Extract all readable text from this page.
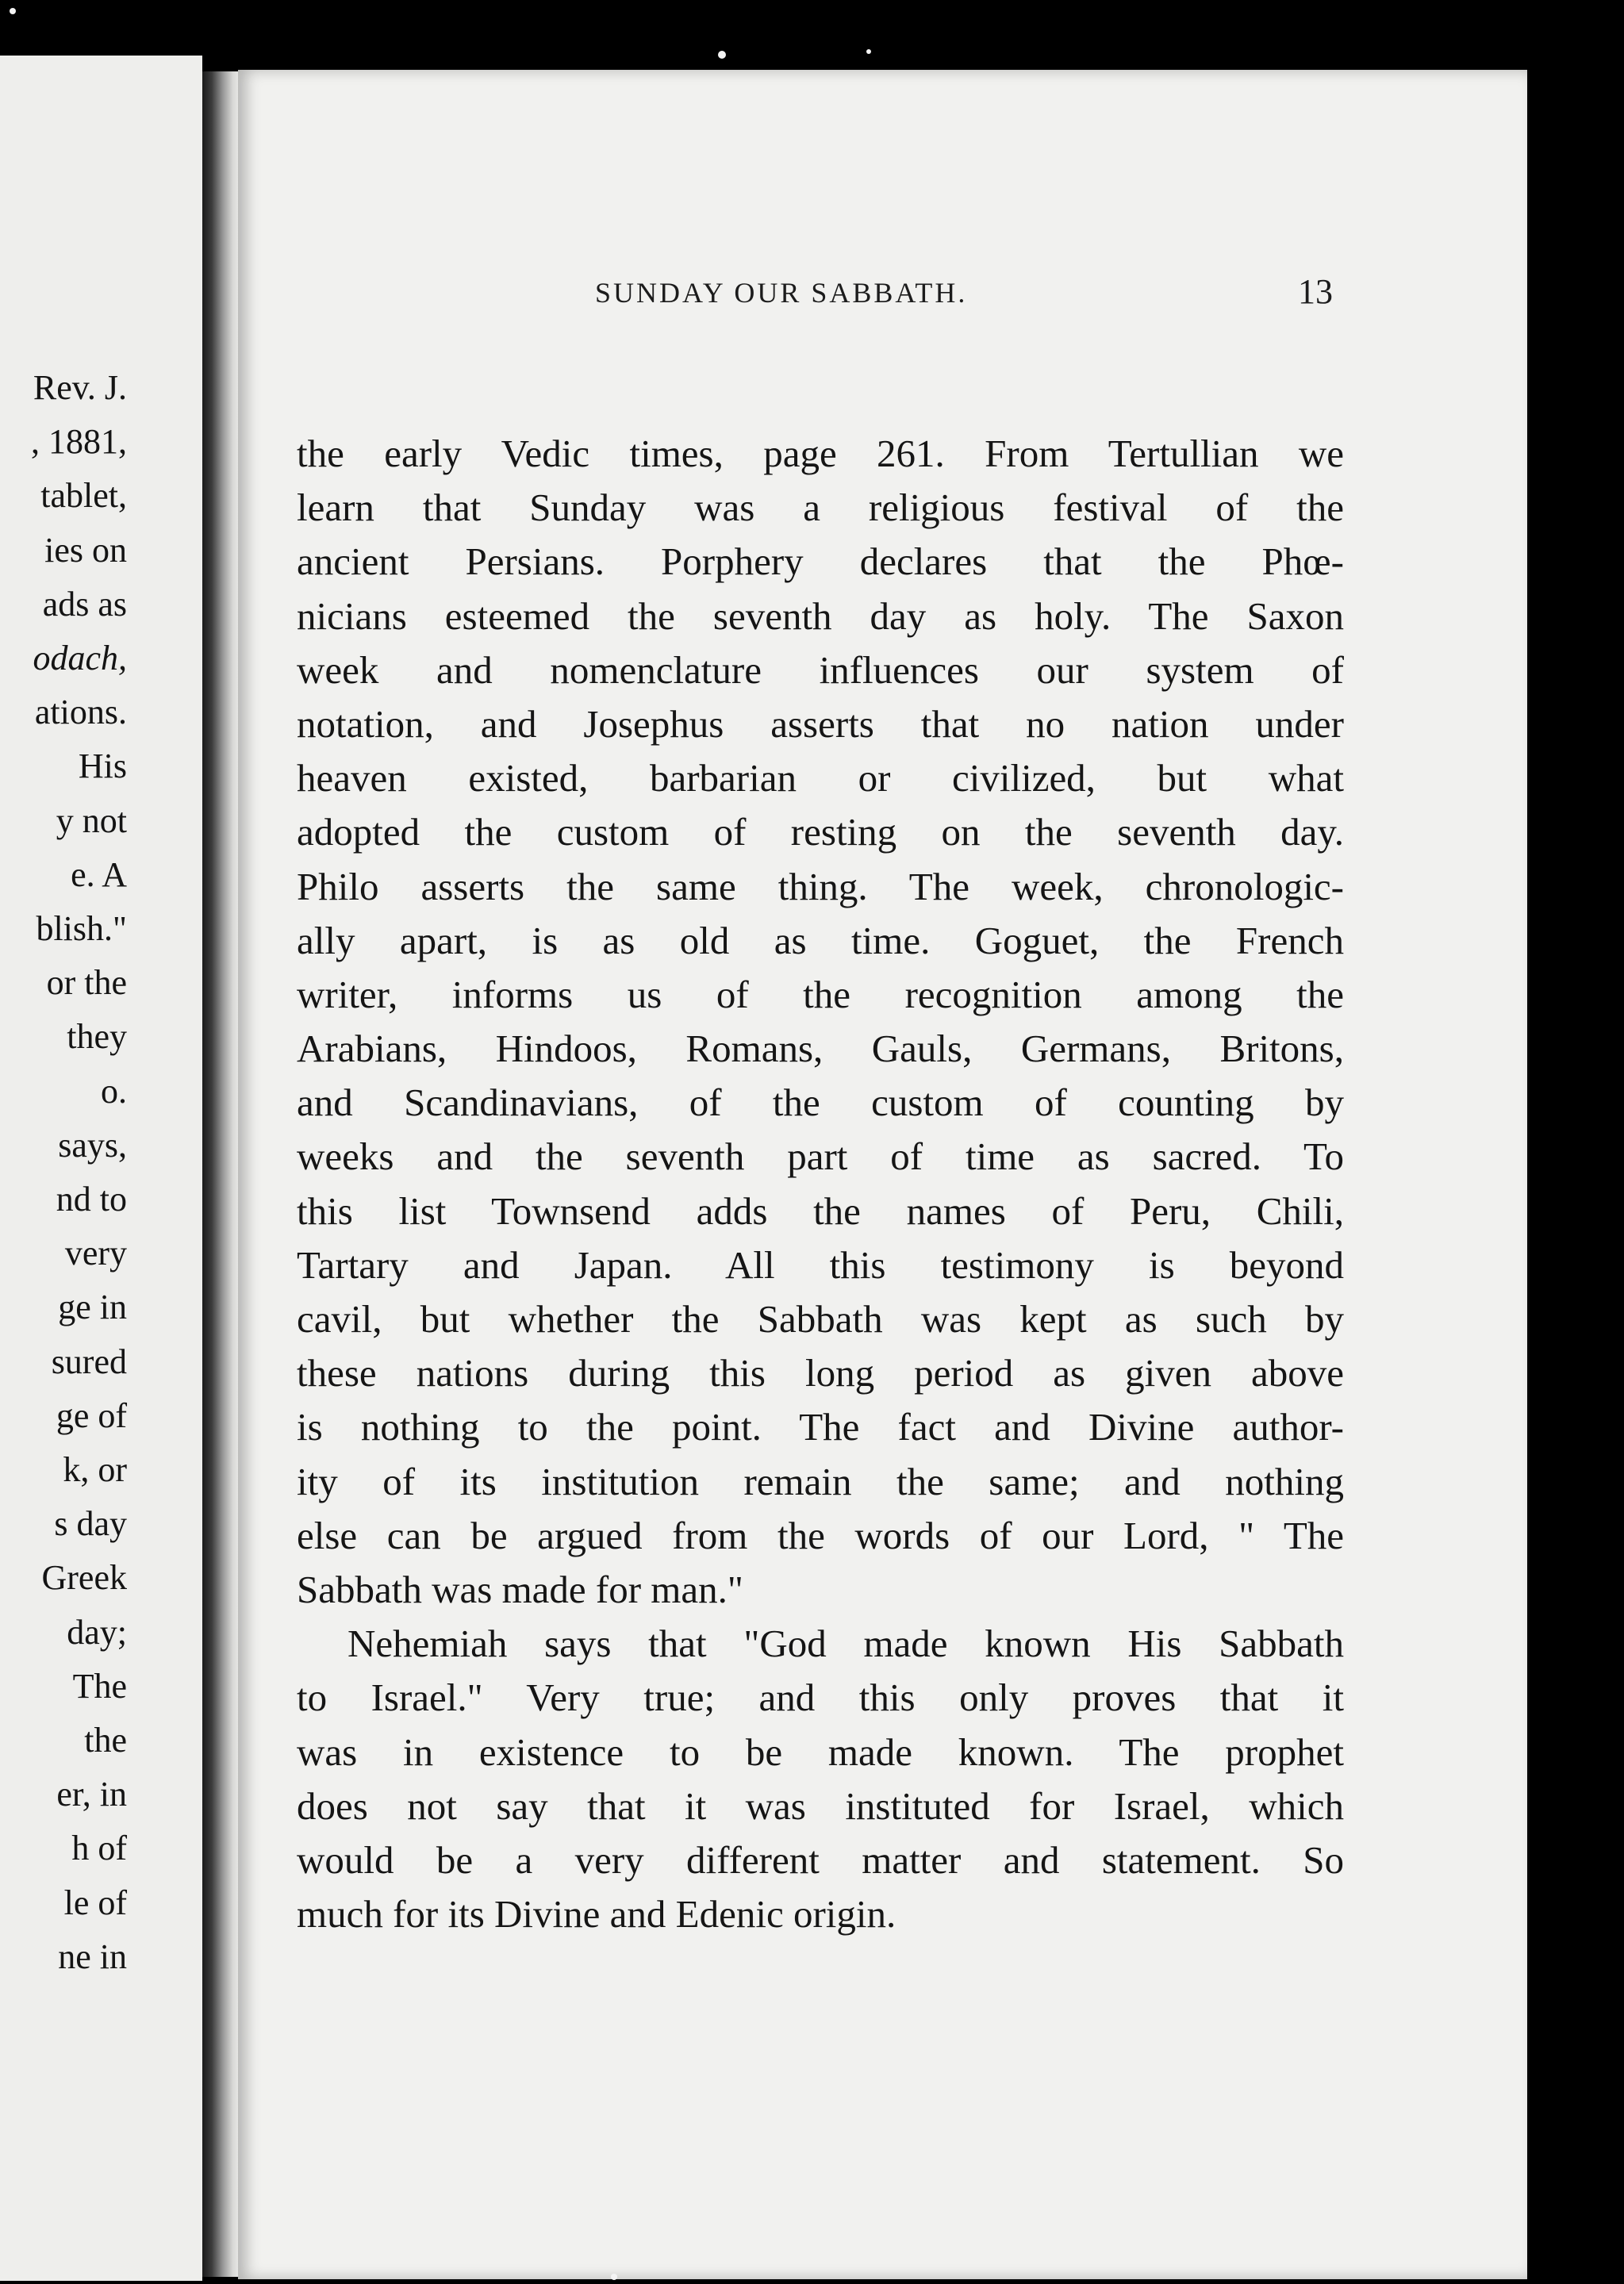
Rev. J.
, 1881,
tablet,
ies on
ads as
odach,
ations.
His
y not
e. A
blish."
or the
they
o.
says,
nd to
very
ge in
sured
ge of
k, or
s day
Greek
day;
The
the
er, in
h of
le of
ne in
SUNDAY OUR SABBATH.	13

the early Vedic times, page 261. From Tertullian we
learn that Sunday was a religious festival of the
ancient Persians. Porphery declares that the Phœ-
nicians esteemed the seventh day as holy. The Saxon
week and nomenclature influences our system of
notation, and Josephus asserts that no nation under
heaven existed, barbarian or civilized, but what
adopted the custom of resting on the seventh day.
Philo asserts the same thing. The week, chronologic-
ally apart, is as old as time. Goguet, the French
writer, informs us of the recognition among the
Arabians, Hindoos, Romans, Gauls, Germans, Britons,
and Scandinavians, of the custom of counting by
weeks and the seventh part of time as sacred. To
this list Townsend adds the names of Peru, Chili,
Tartary and Japan. All this testimony is beyond
cavil, but whether the Sabbath was kept as such by
these nations during this long period as given above
is nothing to the point. The fact and Divine author-
ity of its institution remain the same; and nothing
else can be argued from the words of our Lord, " The
Sabbath was made for man."

Nehemiah says that "God made known His Sabbath
to Israel." Very true; and this only proves that it
was in existence to be made known. The prophet
does not say that it was instituted for Israel, which
would be a very different matter and statement. So
much for its Divine and Edenic origin.
